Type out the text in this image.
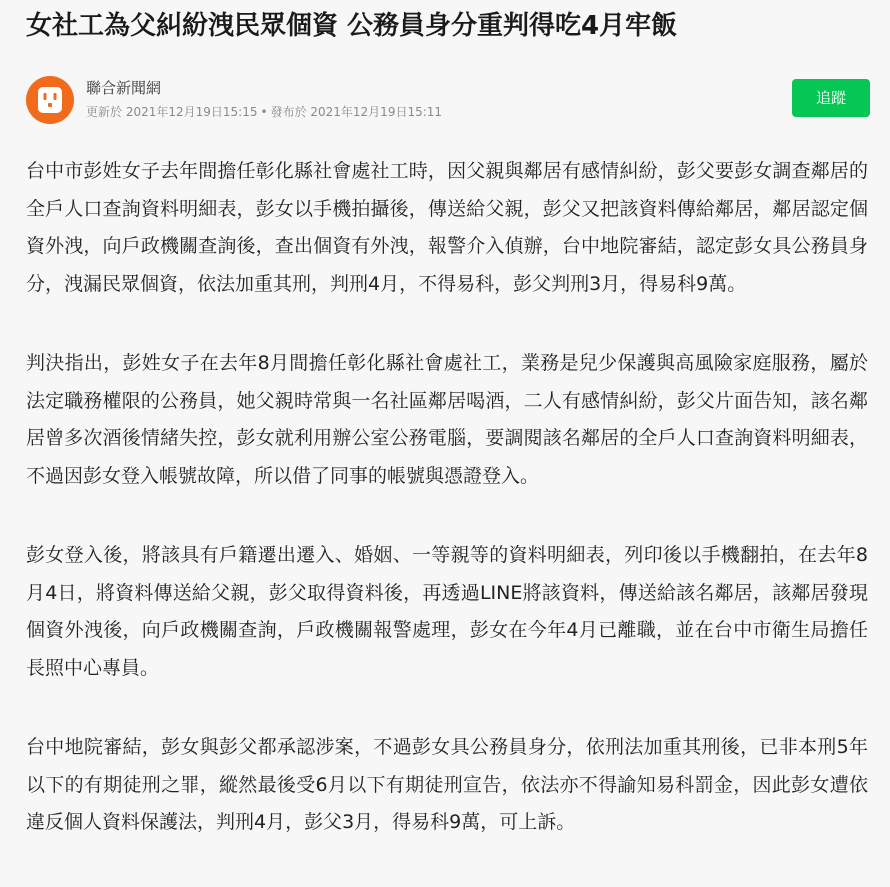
女社工為父糾紛洩民眾個資 公務員身分重判得吃4月牢飯
聯合新聞網
更新於 2021年12月19日15:15 • 發布於 2021年12月19日15:11
追蹤

台中市彭姓女子去年間擔任彰化縣社會處社工時，因父親與鄰居有感情糾紛，彭父要彭女調查鄰居的全戶人口查詢資料明細表，彭女以手機拍攝後，傳送給父親，彭父又把該資料傳給鄰居，鄰居認定個資外洩，向戶政機關查詢後，查出個資有外洩，報警介入偵辦，台中地院審結，認定彭女具公務員身分，洩漏民眾個資，依法加重其刑，判刑4月，不得易科，彭父判刑3月，得易科9萬。

判決指出，彭姓女子在去年8月間擔任彰化縣社會處社工，業務是兒少保護與高風險家庭服務，屬於法定職務權限的公務員，她父親時常與一名社區鄰居喝酒，二人有感情糾紛，彭父片面告知，該名鄰居曾多次酒後情緒失控，彭女就利用辦公室公務電腦，要調閱該名鄰居的全戶人口查詢資料明細表，不過因彭女登入帳號故障，所以借了同事的帳號與憑證登入。

彭女登入後，將該具有戶籍遷出遷入、婚姻、一等親等的資料明細表，列印後以手機翻拍，在去年8月4日，將資料傳送給父親，彭父取得資料後，再透過LINE將該資料，傳送給該名鄰居，該鄰居發現個資外洩後，向戶政機關查詢，戶政機關報警處理，彭女在今年4月已離職，並在台中市衛生局擔任長照中心專員。

台中地院審結，彭女與彭父都承認涉案，不過彭女具公務員身分，依刑法加重其刑後，已非本刑5年以下的有期徒刑之罪，縱然最後受6月以下有期徒刑宣告，依法亦不得諭知易科罰金，因此彭女遭依違反個人資料保護法，判刑4月，彭父3月，得易科9萬，可上訴。
